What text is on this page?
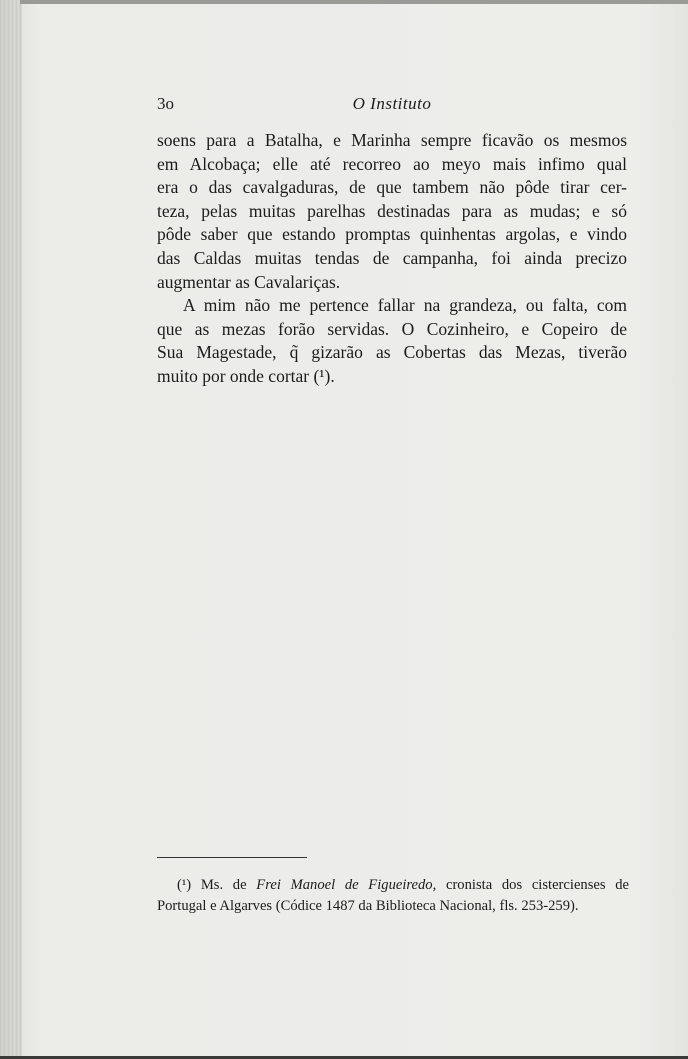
3o	O Instituto
soens para a Batalha, e Marinha sempre ficavão os mesmos
em Alcobaça; elle até recorreo ao meyo mais infimo qual
era o das cavalgaduras, de que tambem não pôde tirar cer-
teza, pelas muitas parelhas destinadas para as mudas; e só
pôde saber que estando promptas quinhentas argolas, e vindo
das Caldas muitas tendas de campanha, foi ainda precizo
augmentar as Cavalariças.
A mim não me pertence fallar na grandeza, ou falta, com
que as mezas forão servidas. O Cozinheiro, e Copeiro de
Sua Magestade, q̃ gizarão as Cobertas das Mezas, tiverão
muito por onde cortar (¹).
(¹) Ms. de Frei Manoel de Figueiredo, cronista dos cistercienses de
Portugal e Algarves (Códice 1487 da Biblioteca Nacional, fls. 253-259).
